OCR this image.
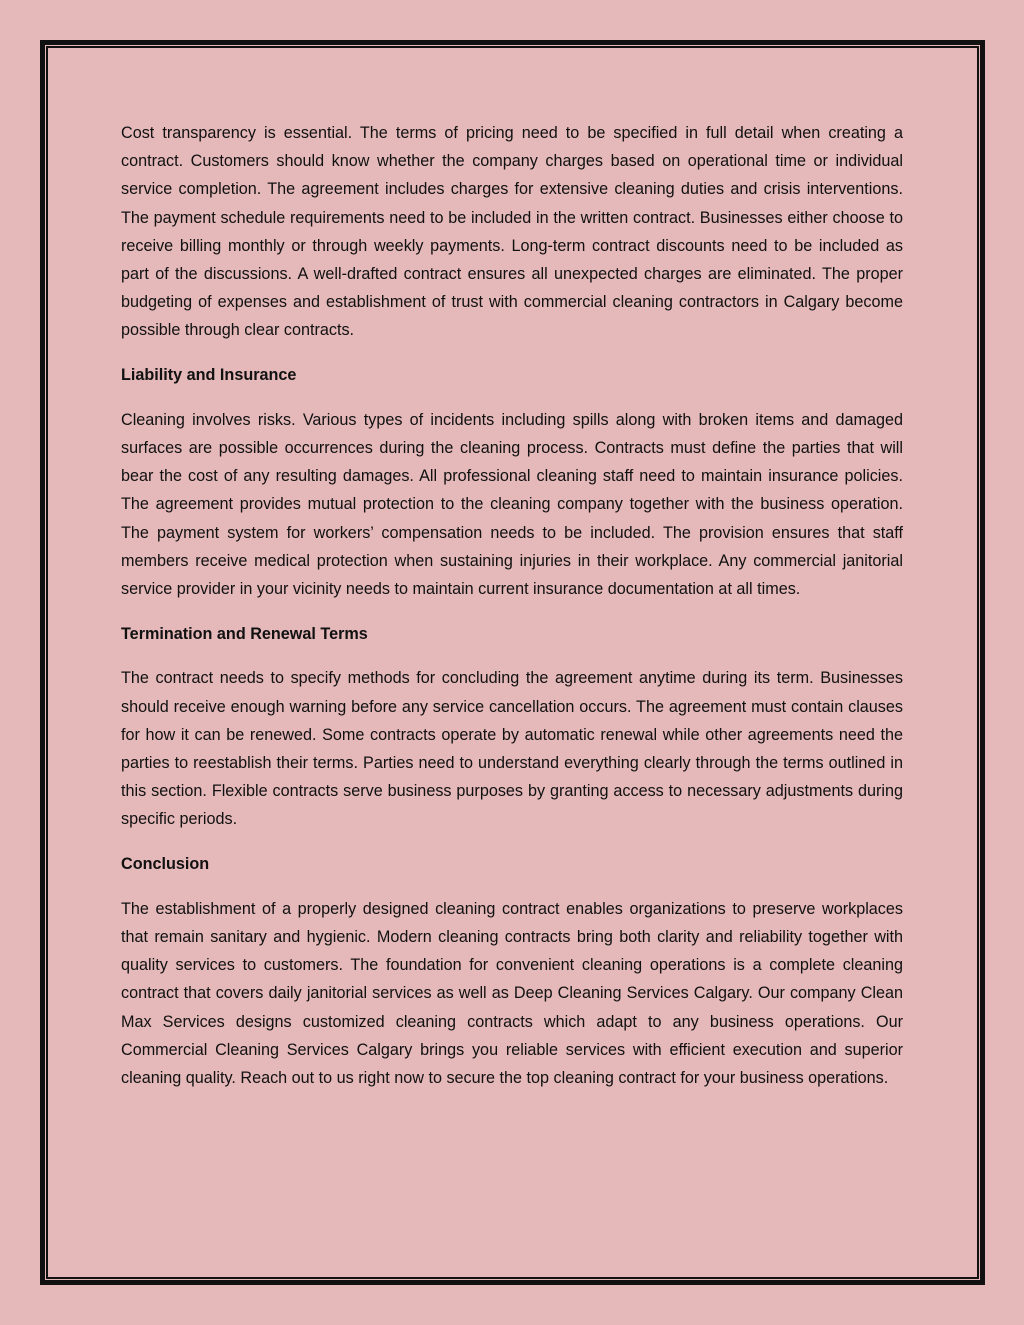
Cost transparency is essential. The terms of pricing need to be specified in full detail when creating a contract. Customers should know whether the company charges based on operational time or individual service completion. The agreement includes charges for extensive cleaning duties and crisis interventions. The payment schedule requirements need to be included in the written contract. Businesses either choose to receive billing monthly or through weekly payments. Long-term contract discounts need to be included as part of the discussions. A well-drafted contract ensures all unexpected charges are eliminated. The proper budgeting of expenses and establishment of trust with commercial cleaning contractors in Calgary become possible through clear contracts.

Liability and Insurance

Cleaning involves risks. Various types of incidents including spills along with broken items and damaged surfaces are possible occurrences during the cleaning process. Contracts must define the parties that will bear the cost of any resulting damages. All professional cleaning staff need to maintain insurance policies. The agreement provides mutual protection to the cleaning company together with the business operation. The payment system for workers’ compensation needs to be included. The provision ensures that staff members receive medical protection when sustaining injuries in their workplace. Any commercial janitorial service provider in your vicinity needs to maintain current insurance documentation at all times.

Termination and Renewal Terms

The contract needs to specify methods for concluding the agreement anytime during its term. Businesses should receive enough warning before any service cancellation occurs. The agreement must contain clauses for how it can be renewed. Some contracts operate by automatic renewal while other agreements need the parties to reestablish their terms. Parties need to understand everything clearly through the terms outlined in this section. Flexible contracts serve business purposes by granting access to necessary adjustments during specific periods.

Conclusion

The establishment of a properly designed cleaning contract enables organizations to preserve workplaces that remain sanitary and hygienic. Modern cleaning contracts bring both clarity and reliability together with quality services to customers. The foundation for convenient cleaning operations is a complete cleaning contract that covers daily janitorial services as well as Deep Cleaning Services Calgary. Our company Clean Max Services designs customized cleaning contracts which adapt to any business operations. Our Commercial Cleaning Services Calgary brings you reliable services with efficient execution and superior cleaning quality. Reach out to us right now to secure the top cleaning contract for your business operations.
